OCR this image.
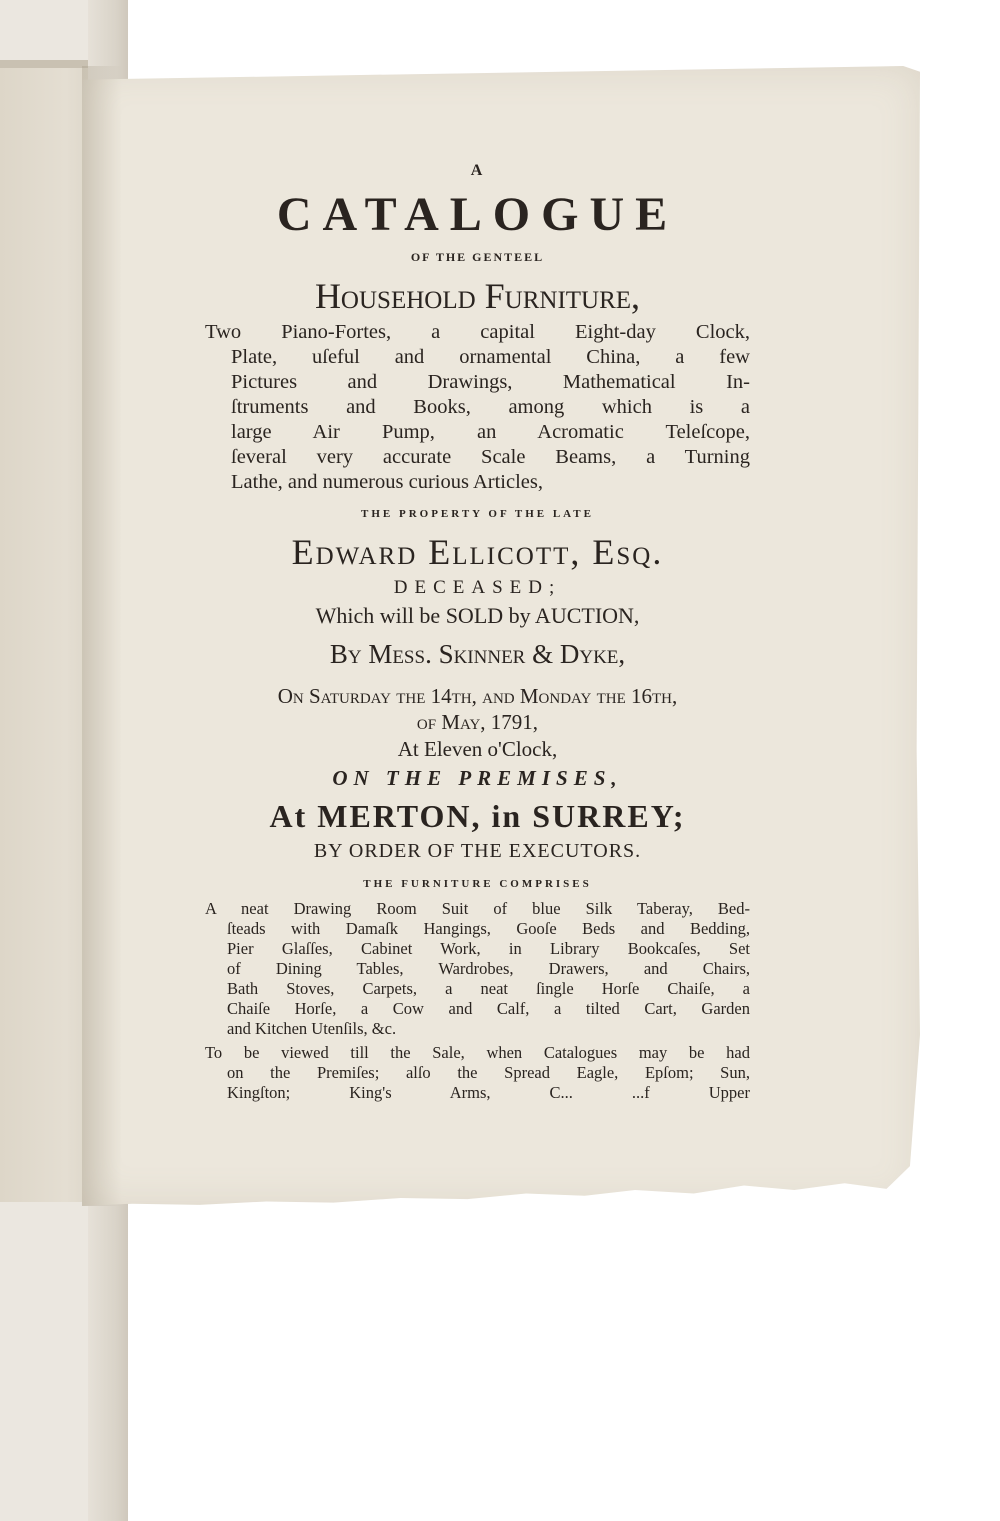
A
CATALOGUE
OF THE GENTEEL
Household Furniture,
Two Piano-Fortes, a capital Eight-day Clock,
Plate, uſeful and ornamental China, a few
Pictures and Drawings, Mathematical In-
ſtruments and Books, among which is a
large Air Pump, an Acromatic Teleſcope,
ſeveral very accurate Scale Beams, a Turning
Lathe, and numerous curious Articles,
THE PROPERTY OF THE LATE
Edward Ellicott, Eſq.
DECEASED;
Which will be SOLD by AUCTION,
By Meſſ. Skinner & Dyke,
On Saturday the 14th, and Monday the 16th,
of May, 1791,
At Eleven o'Clock,
ON THE PREMISES,
At MERTON, in SURREY;
BY ORDER OF THE EXECUTORS.
THE FURNITURE COMPRISES
A neat Drawing Room Suit of blue Silk Taberay, Bed-
ſteads with Damaſk Hangings, Gooſe Beds and Bedding,
Pier Glaſſes, Cabinet Work, in Library Bookcaſes, Set
of Dining Tables, Wardrobes, Drawers, and Chairs,
Bath Stoves, Carpets, a neat ſingle Horſe Chaiſe, a
Chaiſe Horſe, a Cow and Calf, a tilted Cart, Garden
and Kitchen Utenſils, &c.
To be viewed till the Sale, when Catalogues may be had
on the Premiſes; alſo the Spread Eagle, Epſom; Sun,
Kingſton; King's Arms, C... ...f Upper
